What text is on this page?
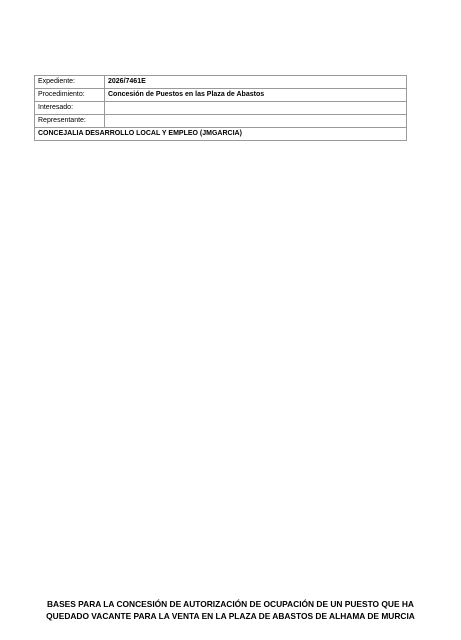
Expediente:	2026/7461E
Procedimiento:	Concesión de Puestos en las Plaza de Abastos
Interesado:	
Representante:	
CONCEJALIA DESARROLLO LOCAL Y EMPLEO (JMGARCIA)	
BASES PARA LA CONCESIÓN DE AUTORIZACIÓN DE OCUPACIÓN DE UN PUESTO QUE HA
QUEDADO VACANTE PARA LA VENTA EN LA PLAZA DE ABASTOS DE ALHAMA DE MURCIA
